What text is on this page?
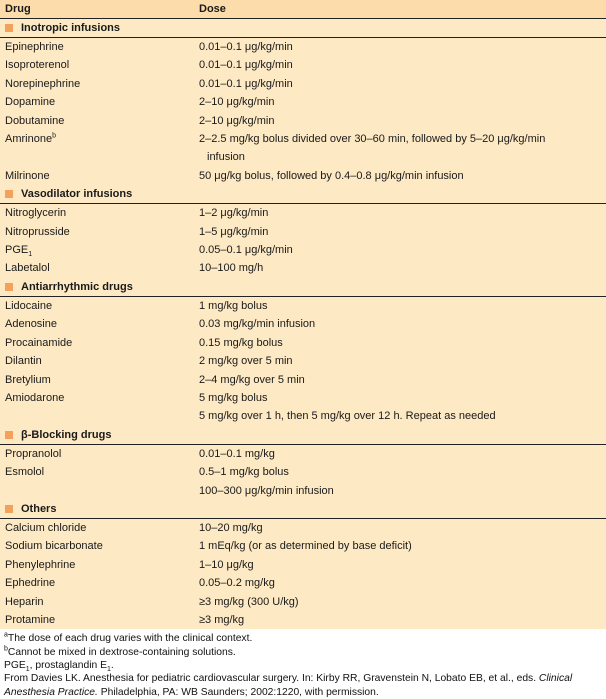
Drug	Dose
Inotropic infusions
Epinephrine	0.01–0.1 μg/kg/min
Isoproterenol	0.01–0.1 μg/kg/min
Norepinephrine	0.01–0.1 μg/kg/min
Dopamine	2–10 μg/kg/min
Dobutamine	2–10 μg/kg/min
Amrinone$^b$	2–2.5 mg/kg bolus divided over 30–60 min, followed by 5–20 μg/kg/min
infusion
Milrinone	50 μg/kg bolus, followed by 0.4–0.8 μg/kg/min infusion
Vasodilator infusions
Nitroglycerin	1–2 μg/kg/min
Nitroprusside	1–5 μg/kg/min
$PGE_1$	0.05–0.1 μg/kg/min
Labetalol	10–100 mg/h
Antiarrhythmic drugs
Lidocaine	1 mg/kg bolus
Adenosine	0.03 mg/kg/min infusion
Procainamide	0.15 mg/kg bolus
Dilantin	2 mg/kg over 5 min
Bretylium	2–4 mg/kg over 5 min
Amiodarone	5 mg/kg bolus
5 mg/kg over 1 h, then 5 mg/kg over 12 h. Repeat as needed
β-Blocking drugs
Propranolol	0.01–0.1 mg/kg
Esmolol	0.5–1 mg/kg bolus
100–300 μg/kg/min infusion
Others
Calcium chloride	10–20 mg/kg
Sodium bicarbonate	1 mEq/kg (or as determined by base deficit)
Phenylephrine	1–10 μg/kg
Ephedrine	0.05–0.2 mg/kg
Heparin	≥3 mg/kg (300 U/kg)
Protamine	≥3 mg/kg
$^a$The dose of each drug varies with the clinical context.
$^b$Cannot be mixed in dextrose-containing solutions.
$PGE_1$, prostaglandin $E_1$.
From Davies LK. Anesthesia for pediatric cardiovascular surgery. In: Kirby RR, Gravenstein N, Lobato EB, et al., eds. Clinical Anesthesia Practice. Philadelphia, PA: WB Saunders; 2002:1220, with permission.
